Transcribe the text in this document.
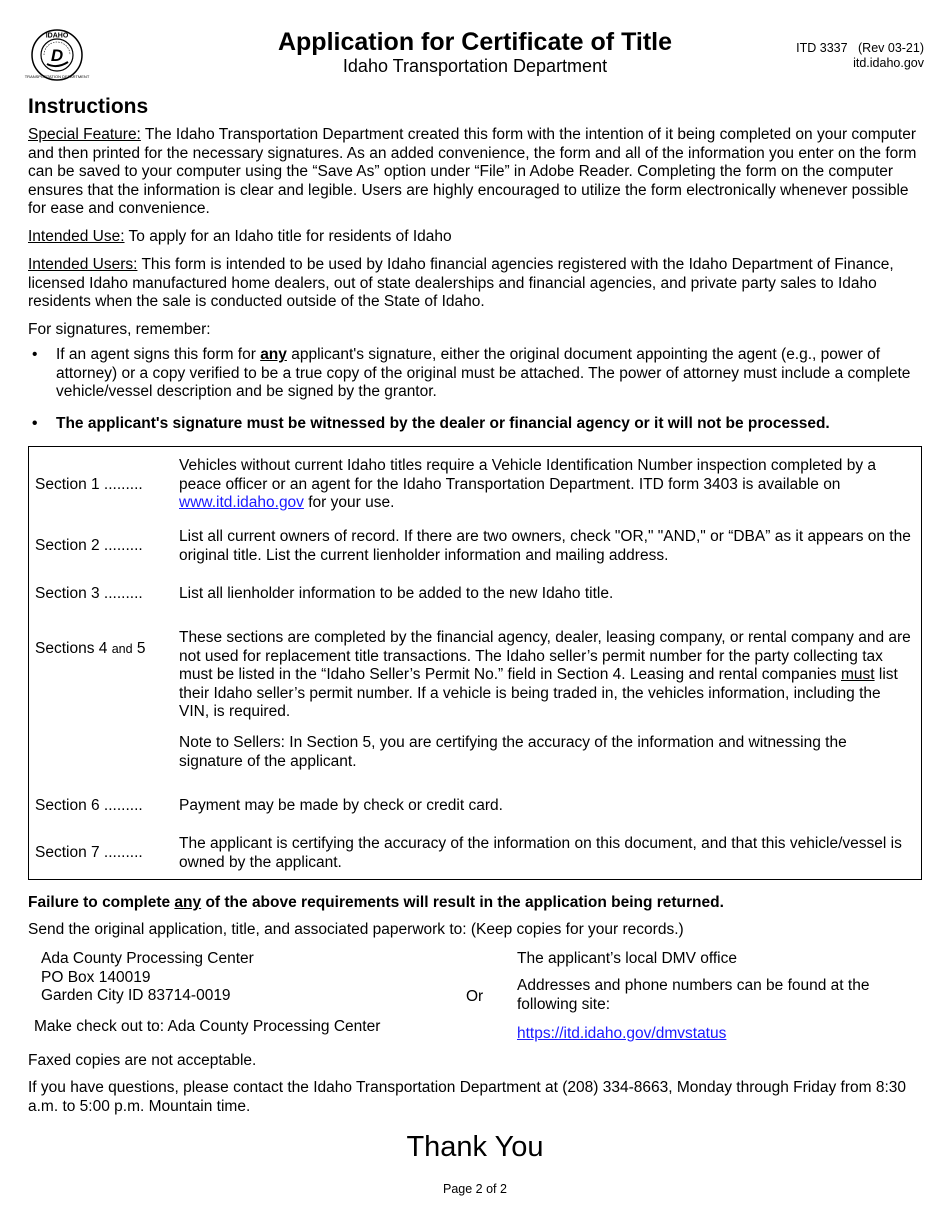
IDAHO
D
TRANSPORTATION DEPARTMENT
Application for Certificate of Title
Idaho Transportation Department
ITD 3337 (Rev 03-21)
itd.idaho.gov
Instructions
Special Feature: The Idaho Transportation Department created this form with the intention of it being completed on your computer and then printed for the necessary signatures. As an added convenience, the form and all of the information you enter on the form can be saved to your computer using the “Save As” option under “File” in Adobe Reader. Completing the form on the computer ensures that the information is clear and legible. Users are highly encouraged to utilize the form electronically whenever possible for ease and convenience.
Intended Use: To apply for an Idaho title for residents of Idaho
Intended Users: This form is intended to be used by Idaho financial agencies registered with the Idaho Department of Finance, licensed Idaho manufactured home dealers, out of state dealerships and financial agencies, and private party sales to Idaho residents when the sale is conducted outside of the State of Idaho.
For signatures, remember:
•	If an agent signs this form for any applicant's signature, either the original document appointing the agent (e.g., power of attorney) or a copy verified to be a true copy of the original must be attached. The power of attorney must include a complete vehicle/vessel description and be signed by the grantor.
•	The applicant's signature must be witnessed by the dealer or financial agency or it will not be processed.
Section 1 .........
Vehicles without current Idaho titles require a Vehicle Identification Number inspection completed by a peace officer or an agent for the Idaho Transportation Department. ITD form 3403 is available on www.itd.idaho.gov for your use.
Section 2 .........
List all current owners of record. If there are two owners, check "OR," "AND," or “DBA” as it appears on the original title. List the current lienholder information and mailing address.
Section 3 ......... List all lienholder information to be added to the new Idaho title.
Sections 4 and 5
These sections are completed by the financial agency, dealer, leasing company, or rental company and are not used for replacement title transactions. The Idaho seller’s permit number for the party collecting tax must be listed in the “Idaho Seller’s Permit No.” field in Section 4. Leasing and rental companies must list their Idaho seller’s permit number. If a vehicle is being traded in, the vehicles information, including the VIN, is required.
Note to Sellers: In Section 5, you are certifying the accuracy of the information and witnessing the signature of the applicant.
Section 6 ......... Payment may be made by check or credit card.
Section 7 .........
The applicant is certifying the accuracy of the information on this document, and that this vehicle/vessel is owned by the applicant.
Failure to complete any of the above requirements will result in the application being returned.
Send the original application, title, and associated paperwork to: (Keep copies for your records.)
Ada County Processing Center
PO Box 140019
Garden City ID 83714-0019
Make check out to: Ada County Processing Center
Or
The applicant’s local DMV office
Addresses and phone numbers can be found at the following site:
https://itd.idaho.gov/dmvstatus
Faxed copies are not acceptable.
If you have questions, please contact the Idaho Transportation Department at (208) 334-8663, Monday through Friday from 8:30 a.m. to 5:00 p.m. Mountain time.
Thank You
Page 2 of 2
